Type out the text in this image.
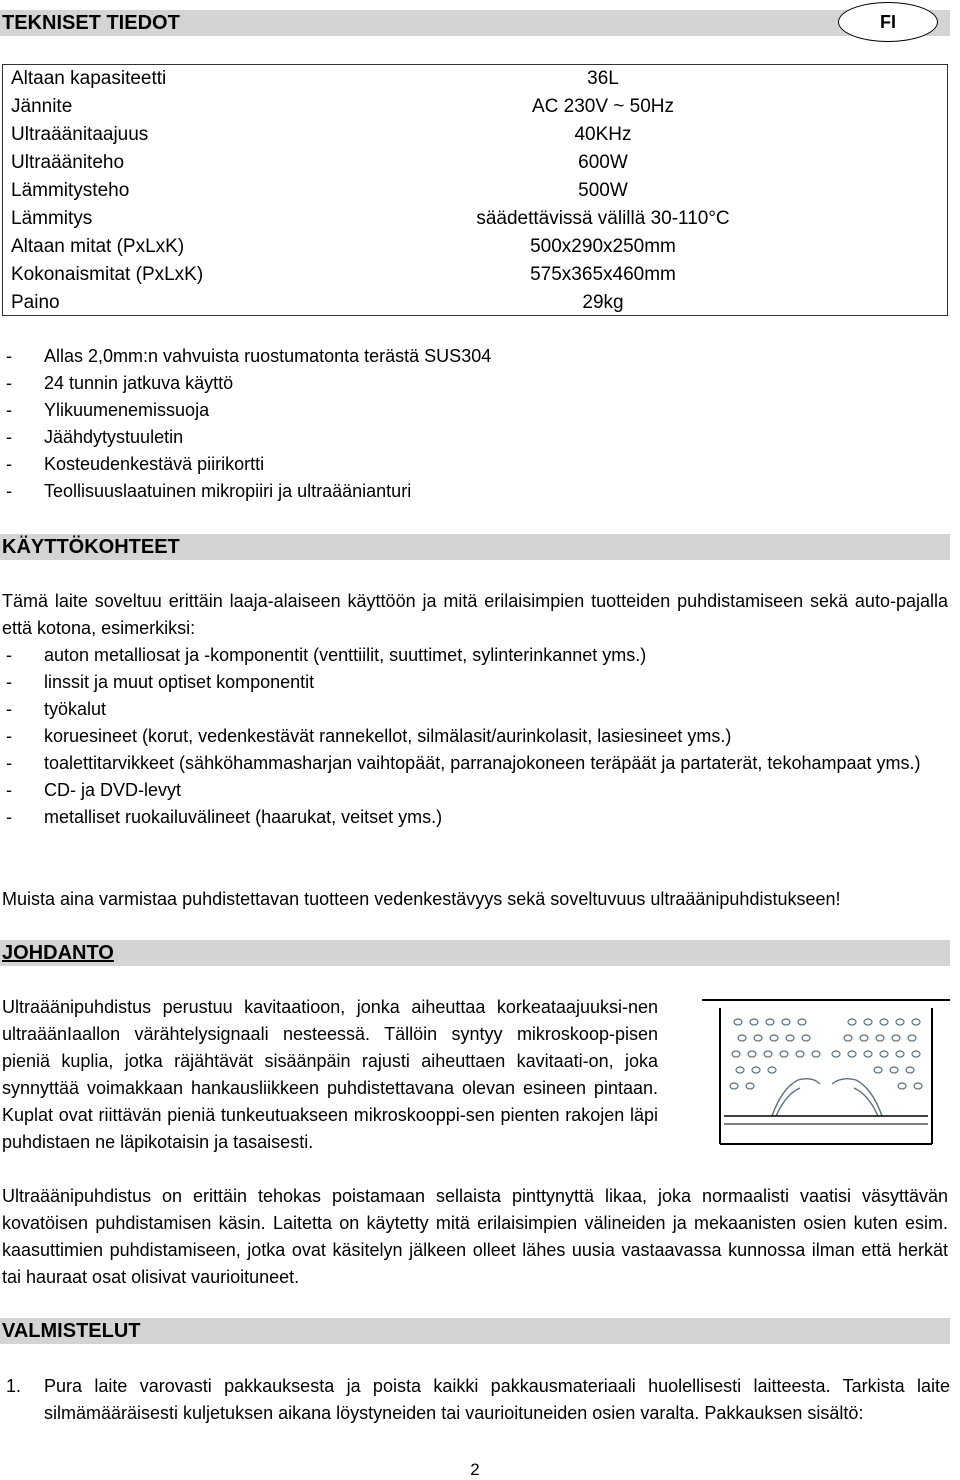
TEKNISET TIEDOT	FI
Altaan kapasiteetti	36L
Jännite	AC 230V ~ 50Hz
Ultraäänitaajuus	40KHz
Ultraääniteho	600W
Lämmitysteho	500W
Lämmitys	säädettävissä välillä 30-110°C
Altaan mitat (PxLxK)	500x290x250mm
Kokonaismitat (PxLxK)	575x365x460mm
Paino	29kg
- Allas 2,0mm:n vahvuista ruostumatonta terästä SUS304
- 24 tunnin jatkuva käyttö
- Ylikuumenemissuoja
- Jäähdytystuuletin
- Kosteudenkestävä piirikortti
- Teollisuuslaatuinen mikropiiri ja ultraäänianturi
KÄYTTÖKOHTEET
Tämä laite soveltuu erittäin laaja-alaiseen käyttöön ja mitä erilaisimpien tuotteiden puhdistamiseen sekä auto-pajalla että kotona, esimerkiksi:
- auton metalliosat ja -komponentit (venttiilit, suuttimet, sylinterinkannet yms.)
- linssit ja muut optiset komponentit
- työkalut
- koruesineet (korut, vedenkestävät rannekellot, silmälasit/aurinkolasit, lasiesineet yms.)
- toalettitarvikkeet (sähköhammasharjan vaihtopäät, parranajokoneen teräpäät ja partaterät, tekohampaat yms.)
- CD- ja DVD-levyt
- metalliset ruokailuvälineet (haarukat, veitset yms.)
Muista aina varmistaa puhdistettavan tuotteen vedenkestävyys sekä soveltuvuus ultraäänipuhdistukseen!
JOHDANTO
Ultraäänipuhdistus perustuu kavitaatioon, jonka aiheuttaa korkeataajuuksi-nen ultraäänIaallon värähtelysignaali nesteessä. Tällöin syntyy mikroskoop-pisen pieniä kuplia, jotka räjähtävät sisäänpäin rajusti aiheuttaen kavitaati-on, joka synnyttää voimakkaan hankausliikkeen puhdistettavana olevan esineen pintaan. Kuplat ovat riittävän pieniä tunkeutuakseen mikroskooppi-sen pienten rakojen läpi puhdistaen ne läpikotaisin ja tasaisesti.
Ultraäänipuhdistus on erittäin tehokas poistamaan sellaista pinttynyttä likaa, joka normaalisti vaatisi väsyttävän kovatöisen puhdistamisen käsin. Laitetta on käytetty mitä erilaisimpien välineiden ja mekaanisten osien kuten esim. kaasuttimien puhdistamiseen, jotka ovat käsitelyn jälkeen olleet lähes uusia vastaavassa kunnossa ilman että herkät tai hauraat osat olisivat vaurioituneet.
VALMISTELUT
1. Pura laite varovasti pakkauksesta ja poista kaikki pakkausmateriaali huolellisesti laitteesta. Tarkista laite silmämääräisesti kuljetuksen aikana löystyneiden tai vaurioituneiden osien varalta. Pakkauksen sisältö:
2
